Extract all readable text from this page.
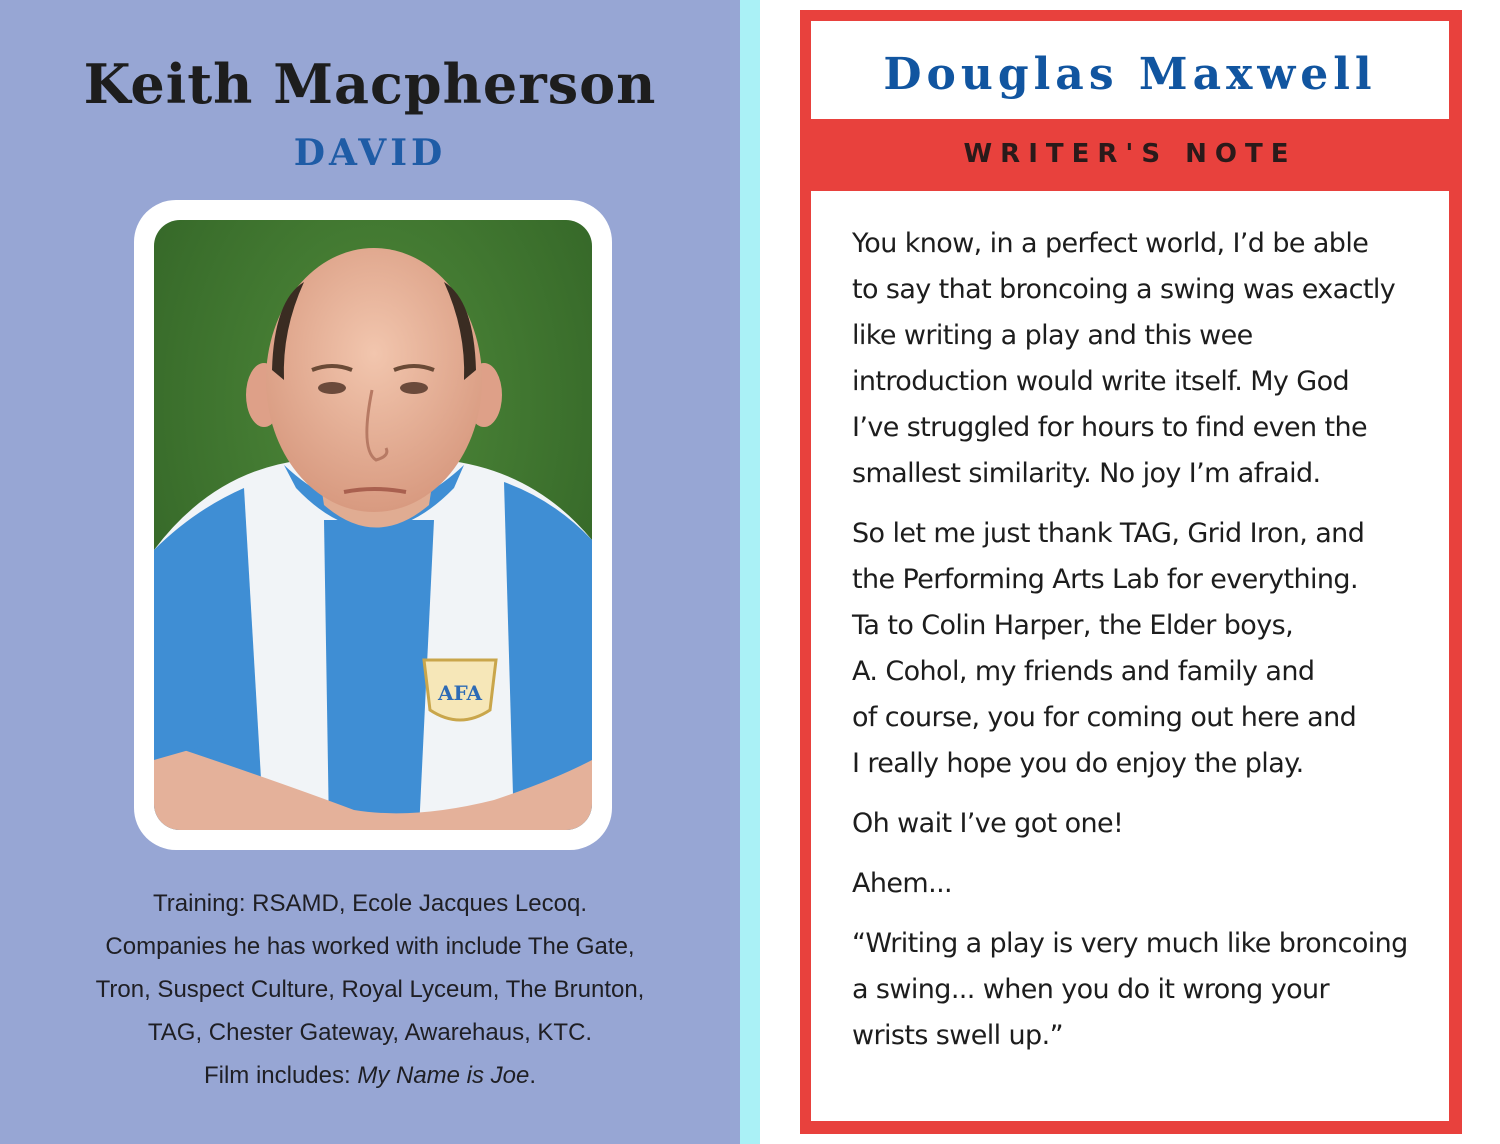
Keith Macpherson
DAVID
AFA
Training: RSAMD, Ecole Jacques Lecoq.
Companies he has worked with include The Gate,
Tron, Suspect Culture, Royal Lyceum, The Brunton,
TAG, Chester Gateway, Awarehaus, KTC.
Film includes: My Name is Joe.
Douglas Maxwell
WRITER'S NOTE

You know, in a perfect world, I’d be able
to say that broncoing a swing was exactly
like writing a play and this wee
introduction would write itself. My God
I’ve struggled for hours to find even the
smallest similarity. No joy I’m afraid.

So let me just thank TAG, Grid Iron, and
the Performing Arts Lab for everything.
Ta to Colin Harper, the Elder boys,
A. Cohol, my friends and family and
of course, you for coming out here and
I really hope you do enjoy the play.

Oh wait I’ve got one!

Ahem...

“Writing a play is very much like broncoing
a swing... when you do it wrong your
wrists swell up.”
